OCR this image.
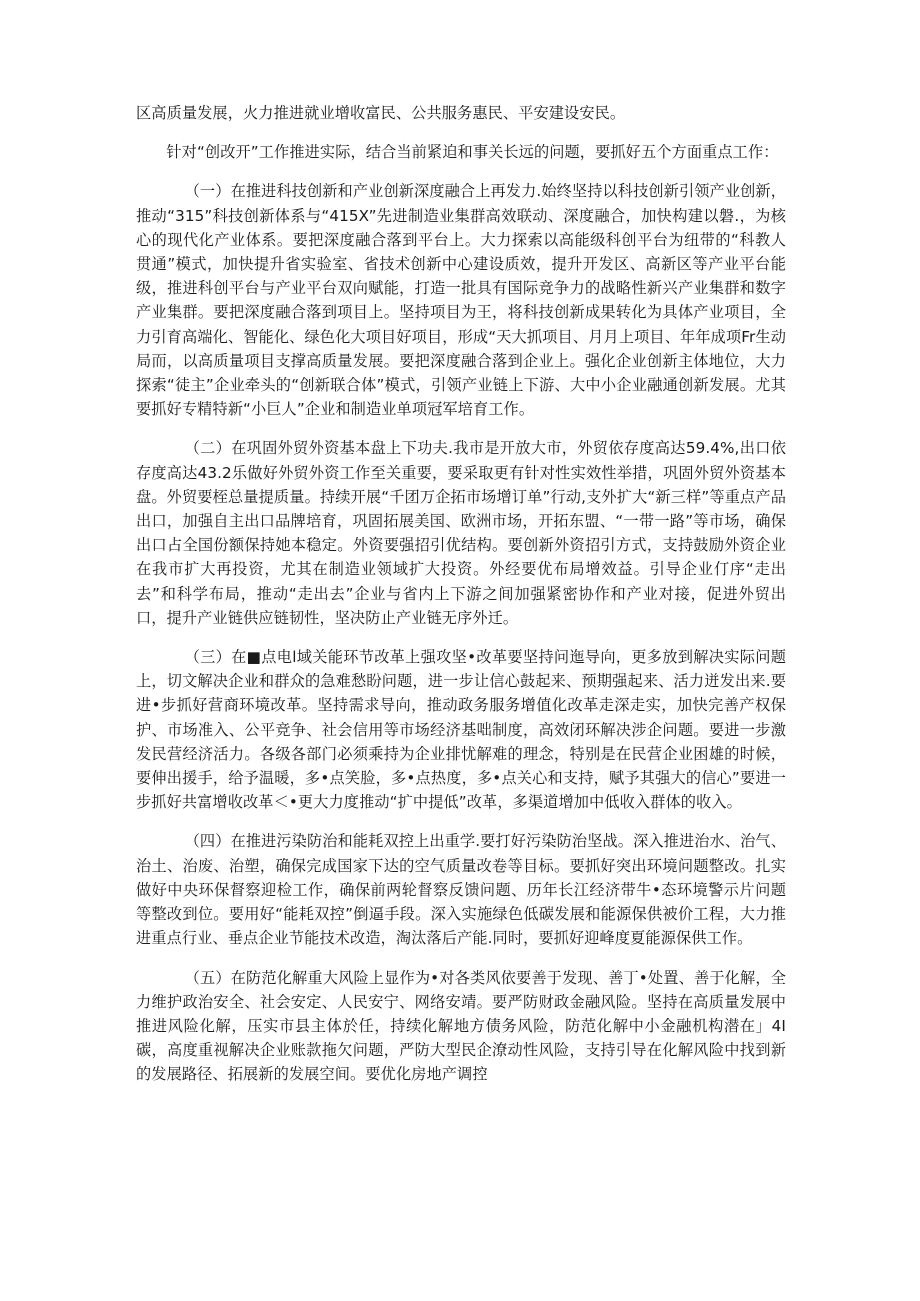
区高质量发展，火力推进就业增收富民、公共服务惠民、平安建设安民。

针对“创改开”工作推进实际，结合当前紧迫和事关长远的问题，要抓好五个方面重点工作：

（一）在推进科技创新和产业创新深度融合上再发力.始终坚持以科技创新引领产业创新，推动“315”科技创新体系与“415X”先进制造业集群高效联动、深度融合，加快构建以磐.，为核心的现代化产业体系。要把深度融合落到平台上。大力探索以高能级科创平台为纽带的“科教人贯通”模式，加快提升省实验室、省技术创新中心建设质效，提升开发区、高新区等产业平台能级，推进科创平台与产业平台双向赋能，打造一批具有国际竞争力的战略性新兴产业集群和数字产业集群。要把深度融合落到项目上。坚持项目为王，将科技创新成果转化为具体产业项目，全力引育高端化、智能化、绿色化大项目好项目，形成“天大抓项目、月月上项目、年年成项Fr生动局而，以高质量项目支撑高质量发展。要把深度融合落到企业上。强化企业创新主体地位，大力探索“徒主”企业牵头的“创新联合体”模式，引领产业链上下游、大中小企业融通创新发展。尤其要抓好专精特新“小巨人”企业和制造业单项冠军培育工作。

（二）在巩固外贸外资基本盘上下功夫.我市是开放大市，外贸依存度高达59.4%,出口依存度高达43.2乐做好外贸外资工作至关重要，要采取更有针对性实效性举措，巩固外贸外资基本盘。外贸要桎总量提质量。持续开展“千团万企拓市场增订单”行动,支外扩大“新三样”等重点产品出口，加强自主出口品牌培育，巩固拓展美国、欧洲市场，开拓东盟、“一带一路”等市场，确保出口占全国份额保持她本稳定。外资要强招引优结构。要创新外资招引方式，支持鼓励外资企业在我市扩大再投资，尤其在制造业领域扩大投资。外经要优布局增效益。引导企业仃序“走出去”和科学布局，推动“走出去”企业与省内上下游之间加强紧密协作和产业对接，促进外贸出口，提升产业链供应链韧性，坚决防止产业链无序外迁。

（三）在■点电l域关能环节改革上强攻坚•改革要坚持问迤导向，更多放到解决实际问题上，切文解决企业和群众的急难愁盼问题，进一步让信心鼓起来、预期强起来、活力迸发出来.要进•步抓好营商环境改革。坚持需求导向，推动政务服务增值化改革走深走实，加快完善产权保护、市场准入、公平竞争、社会信用等市场经济基咄制度，高效闭环解决涉企问题。要进一步激发民营经济活力。各级各部门必须乘持为企业排忧解难的理念，特别是在民营企业困雄的时候，要伸出援手，给予温暖，多•点笑脸，多•点热度，多•点关心和支持，赋予其强大的信心”要进一步抓好共富增收改革＜•更大力度推动“扩中提低”改革，多渠道增加中低收入群体的收入。

（四）在推进污染防治和能耗双控上出重学.要打好污染防治坚战。深入推进治水、治气、治土、治废、治塑，确保完成国家下达的空气质量改卷等目标。要抓好突出环境问题整改。扎实做好中央环保督察迎检工作，确保前两轮督察反馈问题、历年长江经济带牛•态环境警示片问题等整改到位。要用好“能耗双控”倒逼手段。深入实施绿色低碳发展和能源保供被价工程，大力推进重点行业、垂点企业节能技术改造，淘汰落后产能.同时，要抓好迎峰度夏能源保供工作。

（五）在防范化解重大风险上显作为•对各类风依要善于发现、善丁•处置、善于化解，全力维护政治安全、社会安定、人民安宁、网络安靖。要严防财政金融风险。坚持在高质量发展中推进风险化解，压实市县主体於任，持续化解地方债务风险，防范化解中小金融机构潜在」4I碳，高度重视解决企业账款拖欠问题，严防大型民企潦动性风险，支持引导在化解风险中找到新的发展路径、拓展新的发展空间。要优化房地产调控
